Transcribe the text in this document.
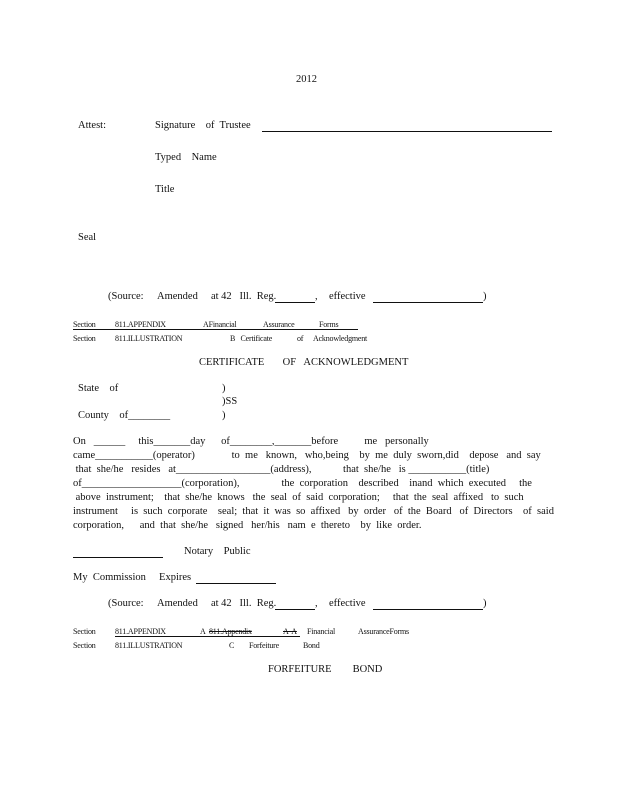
2012
Attest:	Signature    of  Trustee
Typed    Name
Title
Seal
(Source: Amended     at 42   Ill.  Reg.	, effective	)
Section 811.APPENDIX	AFinancial	Assurance	Forms
Section 811.ILLUSTRATION	B   Certificate	of Acknowledgment
CERTIFICATE       OF   ACKNOWLEDGMENT
State    of	)
)SS
County    of________	)
On   ______     this_______day      of________,_______before          me   personally
came___________(operator)              to  me   known,   who,being    by  me  duly  sworn,did    depose   and  say
that  she/he   resides   at__________________(address),            that  she/he   is ___________(title)
of___________________(corporation),                the  corporation    described    inand  which  executed     the
above  instrument;    that  she/he  knows   the  seal  of  said  corporation;     that  the  seal  affixed   to  such
instrument     is  such  corporate    seal;  that  it  was  so  affixed   by  order   of  the  Board   of  Directors    of  said
corporation,      and  that  she/he   signed   her/his   nam  e  thereto    by  like  order.
Notary    Public
My  Commission     Expires
(Source: Amended     at 42   Ill.  Reg.	, effective	)
Section 811.APPENDIX	A 811.Appendix	A  A Financial	AssuranceForms
Section 811.ILLUSTRATION	C Forfeiture	Bond
FORFEITURE        BOND
